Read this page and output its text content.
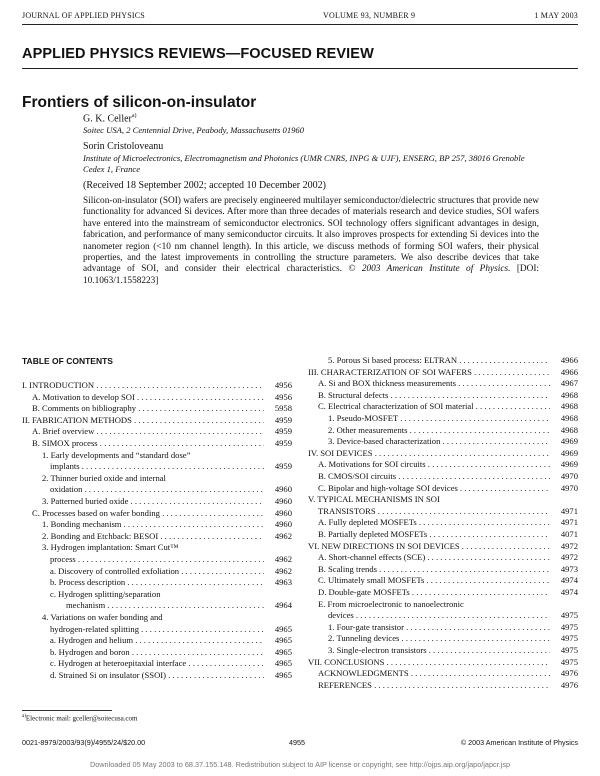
JOURNAL OF APPLIED PHYSICS	VOLUME 93, NUMBER 9	1 MAY 2003
APPLIED PHYSICS REVIEWS—FOCUSED REVIEW
Frontiers of silicon-on-insulator
G. K. Celler$^{a)}$
Soitec USA, 2 Centennial Drive, Peabody, Massachusetts 01960
Sorin Cristoloveanu
Institute of Microelectronics, Electromagnetism and Photonics (UMR CNRS, INPG & UJF), ENSERG, BP 257, 38016 Grenoble Cedex 1, France
(Received 18 September 2002; accepted 10 December 2002)
Silicon-on-insulator (SOI) wafers are precisely engineered multilayer semiconductor/dielectric structures that provide new functionality for advanced Si devices. After more than three decades of materials research and device studies, SOI wafers have entered into the mainstream of semiconductor electronics. SOI technology offers significant advantages in design, fabrication, and performance of many semiconductor circuits. It also improves prospects for extending Si devices into the nanometer region (<10 nm channel length). In this article, we discuss methods of forming SOI wafers, their physical properties, and the latest improvements in controlling the structure parameters. We also describe devices that take advantage of SOI, and consider their electrical characteristics. © 2003 American Institute of Physics. [DOI: 10.1063/1.1558223]
TABLE OF CONTENTS
I. INTRODUCTION . . .	4956
A. Motivation to develop SOI . . .	4956
B. Comments on bibliography . . .	5958
II. FABRICATION METHODS . . .	4959
A. Brief overview . . .	4959
B. SIMOX process . . .	4959
1. Early developments and “standard dose”
implants . . .	4959
2. Thinner buried oxide and internal
oxidation . . .	4960
3. Patterned buried oxide . . .	4960
C. Processes based on wafer bonding . . .	4960
1. Bonding mechanism . . .	4960
2. Bonding and Etchback: BESOI . . .	4962
3. Hydrogen implantation: Smart Cut™
process . . .	4962
a. Discovery of controlled exfoliation . . .	4962
b. Process description . . .	4963
c. Hydrogen splitting/separation
mechanism . . .	4964
4. Variations on wafer bonding and
hydrogen-related splitting . . .	4965
a. Hydrogen and helium . . .	4965
b. Hydrogen and boron . . .	4965
c. Hydrogen at heteroepitaxial interface . . .	4965
d. Strained Si on insulator (SSOI) . . .	4965
5. Porous Si based process: ELTRAN . . .	4966
III. CHARACTERIZATION OF SOI WAFERS . . .	4966
A. Si and BOX thickness measurements . . .	4967
B. Structural defects . . .	4968
C. Electrical characterization of SOI material . . .	4968
1. Pseudo-MOSFET . . .	4968
2. Other measurements . . .	4968
3. Device-based characterization . . .	4969
IV. SOI DEVICES . . .	4969
A. Motivations for SOI circuits . . .	4969
B. CMOS/SOI circuits . . .	4970
C. Bipolar and high-voltage SOI devices . . .	4970
V. TYPICAL MECHANISMS IN SOI
TRANSISTORS . . .	4971
A. Fully depleted MOSFETs . . .	4971
B. Partially depleted MOSFETs . . .	4071
VI. NEW DIRECTIONS IN SOI DEVICES . . .	4972
A. Short-channel effects (SCE) . . .	4972
B. Scaling trends . . .	4973
C. Ultimately small MOSFETs . . .	4974
D. Double-gate MOSFETs . . .	4974
E. From microelectronic to nanoelectronic
devices . . .	4975
1. Four-gate transistor . . .	4975
2. Tunneling devices . . .	4975
3. Single-electron transistors . . .	4975
VII. CONCLUSIONS . . .	4975
ACKNOWLEDGMENTS . . .	4976
REFERENCES . . .	4976
$^{a)}$Electronic mail: gceller@soitecusa.com
0021-8979/2003/93(9)/4955/24/$20.00	4955	© 2003 American Institute of Physics
Downloaded 05 May 2003 to 68.37.155.148. Redistribution subject to AIP license or copyright, see http://ojps.aip.org/japo/japcr.jsp
